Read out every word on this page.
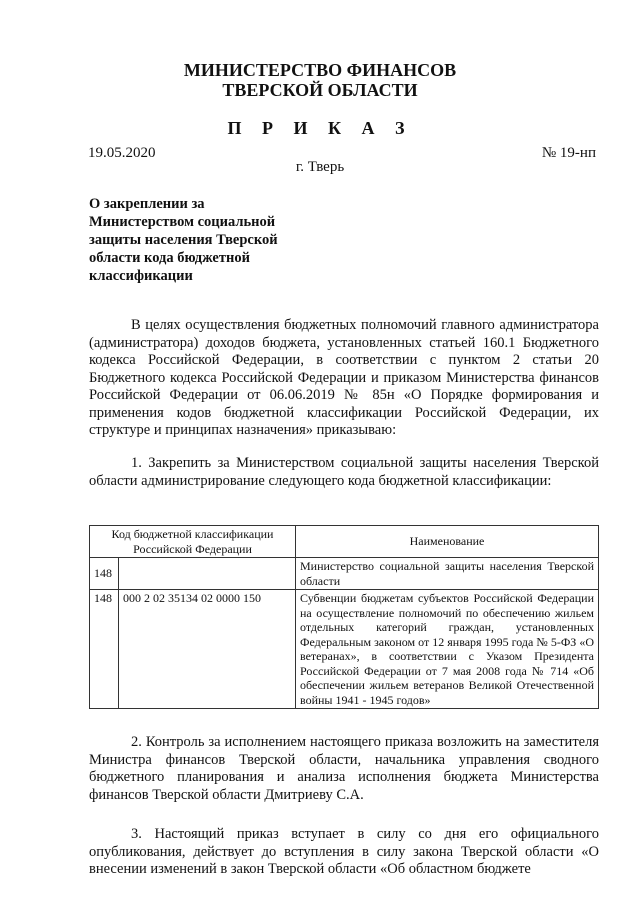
МИНИСТЕРСТВО ФИНАНСОВ
ТВЕРСКОЙ ОБЛАСТИ
П Р И К А З
19.05.2020	№ 19-нп
г. Тверь
О закреплении за Министерством социальной защиты населения Тверской области кода бюджетной классификации
В целях осуществления бюджетных полномочий главного администратора (администратора) доходов бюджета, установленных статьей 160.1 Бюджетного кодекса Российской Федерации, в соответствии с пунктом 2 статьи 20 Бюджетного кодекса Российской Федерации и приказом Министерства финансов Российской Федерации от 06.06.2019 № 85н «О Порядке формирования и применения кодов бюджетной классификации Российской Федерации, их структуре и принципах назначения» приказываю:
1. Закрепить за Министерством социальной защиты населения Тверской области администрирование следующего кода бюджетной классификации:
Код бюджетной классификации Российской Федерации		Наименование
148		Министерство социальной защиты населения Тверской области
148	000 2 02 35134 02 0000 150	Субвенции бюджетам субъектов Российской Федерации на осуществление полномочий по обеспечению жильем отдельных категорий граждан, установленных Федеральным законом от 12 января 1995 года № 5-ФЗ «О ветеранах», в соответствии с Указом Президента Российской Федерации от 7 мая 2008 года № 714 «Об обеспечении жильем ветеранов Великой Отечественной войны 1941 - 1945 годов»
2. Контроль за исполнением настоящего приказа возложить на заместителя Министра финансов Тверской области, начальника управления сводного бюджетного планирования и анализа исполнения бюджета Министерства финансов Тверской области Дмитриеву С.А.
3. Настоящий приказ вступает в силу со дня его официального опубликования, действует до вступления в силу закона Тверской области «О внесении изменений в закон Тверской области «Об областном бюджете
